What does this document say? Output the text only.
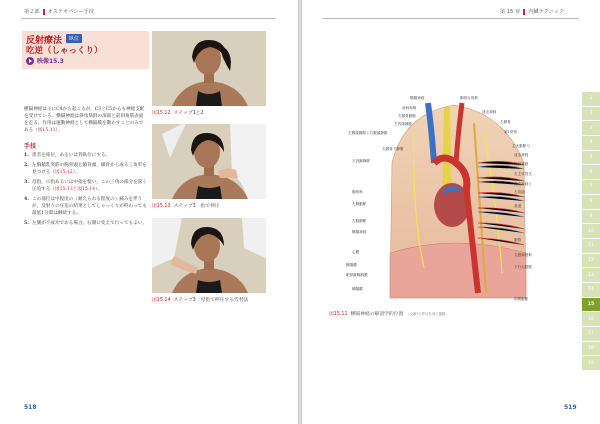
第２部 オステオパシー手技
反射療法	臥位
吃逆（しゃっくり）
映像15.3
横隔神経は主にC4から起こるが，C3とC5からも神経支配を受けている。横隔神経は斜角筋群の深部と前斜角筋表面を走る。作用は運動神経として横隔膜を動かすことのみである（図15.11）。
手技
1. 患者を座位，あるいは背臥位にする。
2. 左胸鎖乳突筋の胸骨頭と鎖骨頭，鎖骨から成る三角形を見つける（図15.12）。
3. 母指，示指あるいは中指を使い，この三角の部分を深く圧迫する（図15.13と図15.14）。
4. この部位は中程度の（耐えられる程度の）痛みを伴うが，反射うの圧迫の結果としてしゃっくりが終わっても最低1分間は継続する。
5. 左側が不成功である場合，右側に変えて行ってもよい。
図15.12 ステップ1と2
図15.13 ステップ3　指で伸圧
図15.14 ステップ3　母指で押圧する代替法
518
第 15 章 内臓テクニック
横隔神経
前斜角筋
左鎖骨動脈
左内頸静脈
左腕頭静脈と右腕頭静脈
左鎖骨下静脈
左内胸静脈
胸骨角
左肺動脈
左肺静脈
横隔神経
心膜
横隔膜
肥厚縦隔胸膜
横隔膜
胸骨舌骨筋
迷走神経
左鎖骨
第1肋骨
主大動脈弓
迷走神経
反回神経
左主気管支
迷走神経と
左食道
食道
胸管
交感神経幹
下行大動脈
肋間動脈
図15.11 横隔神経の解剖学的位置 （文献*の許可を得て掲載）
1
2
3
4
5
6
7
8
9
10
11
12
13
14
15
16
17
18
19
519
